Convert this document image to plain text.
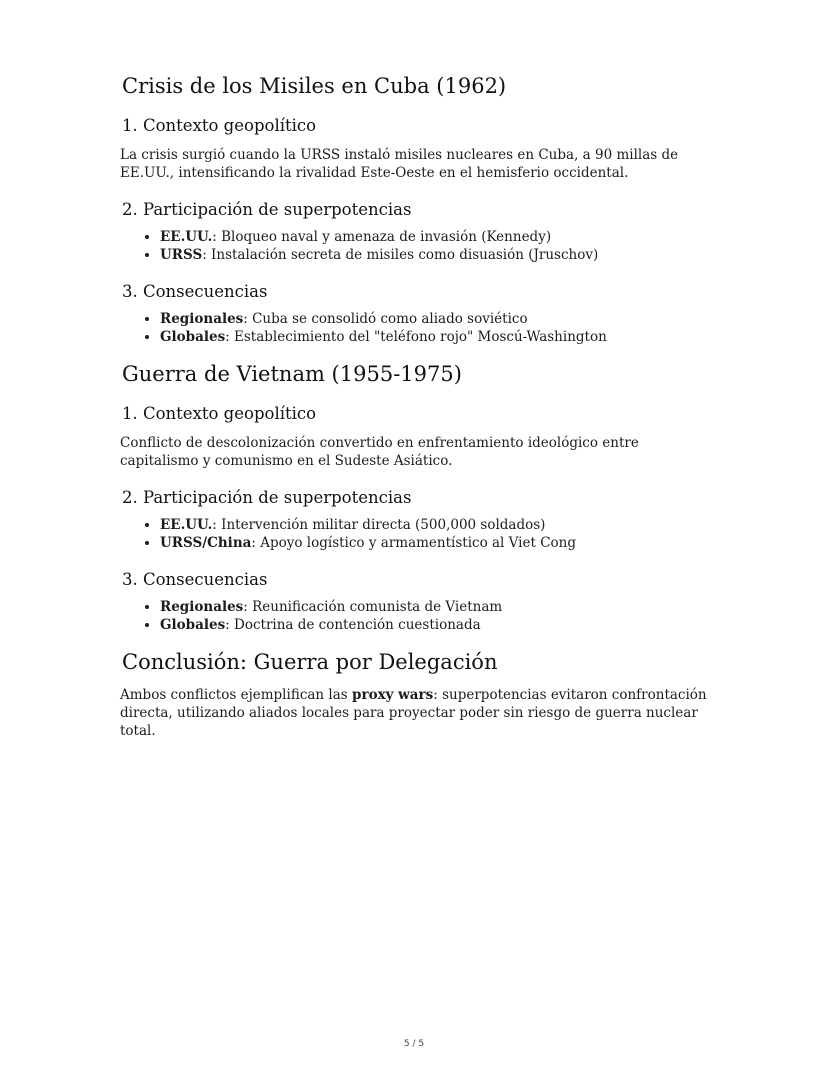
Crisis de los Misiles en Cuba (1962)
1. Contexto geopolítico

La crisis surgió cuando la URSS instaló misiles nucleares en Cuba, a 90 millas de EE.UU., intensificando la rivalidad Este-Oeste en el hemisferio occidental.

2. Participación de superpotencias
• EE.UU.: Bloqueo naval y amenaza de invasión (Kennedy)
• URSS: Instalación secreta de misiles como disuasión (Jruschov)
3. Consecuencias
• Regionales: Cuba se consolidó como aliado soviético
• Globales: Establecimiento del "teléfono rojo" Moscú-Washington
Guerra de Vietnam (1955-1975)
1. Contexto geopolítico

Conflicto de descolonización convertido en enfrentamiento ideológico entre capitalismo y comunismo en el Sudeste Asiático.

2. Participación de superpotencias
• EE.UU.: Intervención militar directa (500,000 soldados)
• URSS/China: Apoyo logístico y armamentístico al Viet Cong
3. Consecuencias
• Regionales: Reunificación comunista de Vietnam
• Globales: Doctrina de contención cuestionada
Conclusión: Guerra por Delegación

Ambos conflictos ejemplifican las proxy wars: superpotencias evitaron confrontación directa, utilizando aliados locales para proyectar poder sin riesgo de guerra nuclear total.

5 / 5
